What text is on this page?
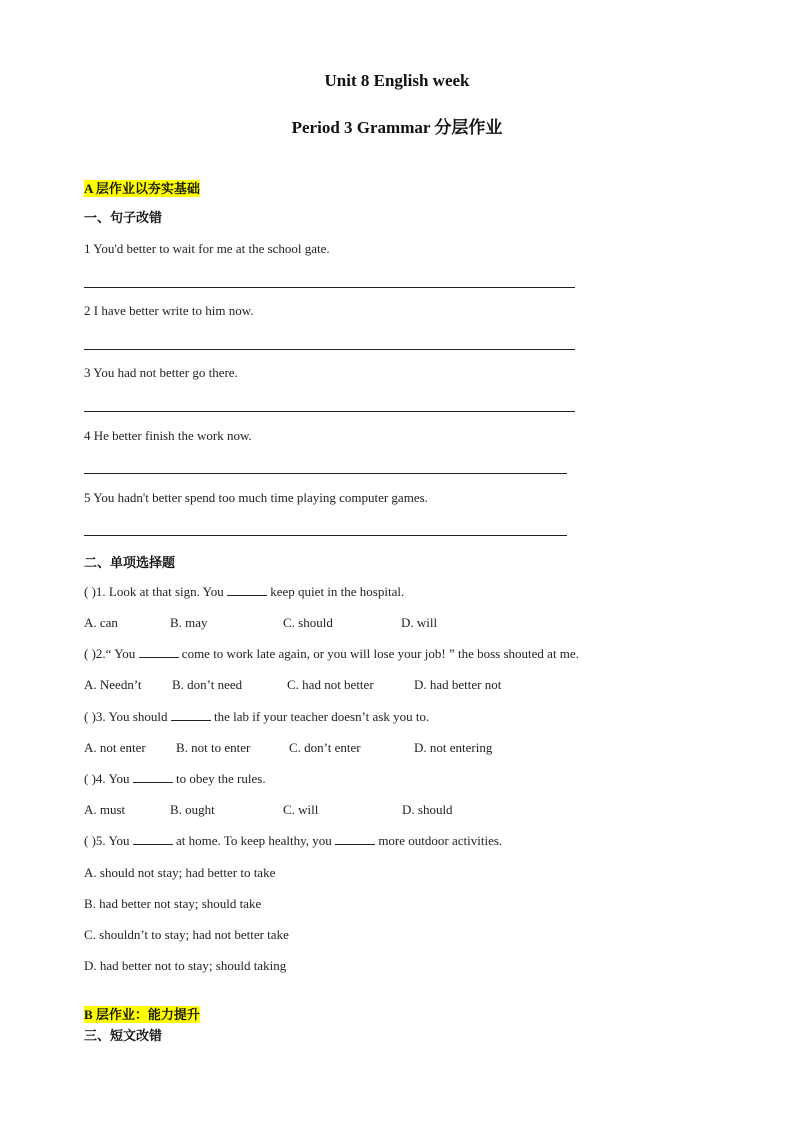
Unit 8 English week
Period 3 Grammar 分层作业
A 层作业以夯实基础
一、句子改错
1 You'd better to wait for me at the school gate.
2 I have better write to him now.
3 You had not better go there.
4 He better finish the work now.
5 You hadn't better spend too much time playing computer games.
二、单项选择题
( )1. Look at that sign. You	keep quiet in the hospital.
A. can	B. may	C. should	D. will
( )2.“ You	come to work late again, or you will lose your job! ” the boss shouted at me.
A. Needn’t B. don’t need	C. had not better	D. had better not
( )3. You should	the lab if your teacher doesn’t ask you to.
A. not enter B. not to enter	C. don’t enter	D. not entering
( )4. You	to obey the rules.
A. must	B. ought	C. will	D. should
( )5. You	at home. To keep healthy, you	more outdoor activities.
A. should not stay; had better to take
B. had better not stay; should take
C. shouldn’t to stay; had not better take
D. had better not to stay; should taking
B 层作业：能力提升
三、短文改错
